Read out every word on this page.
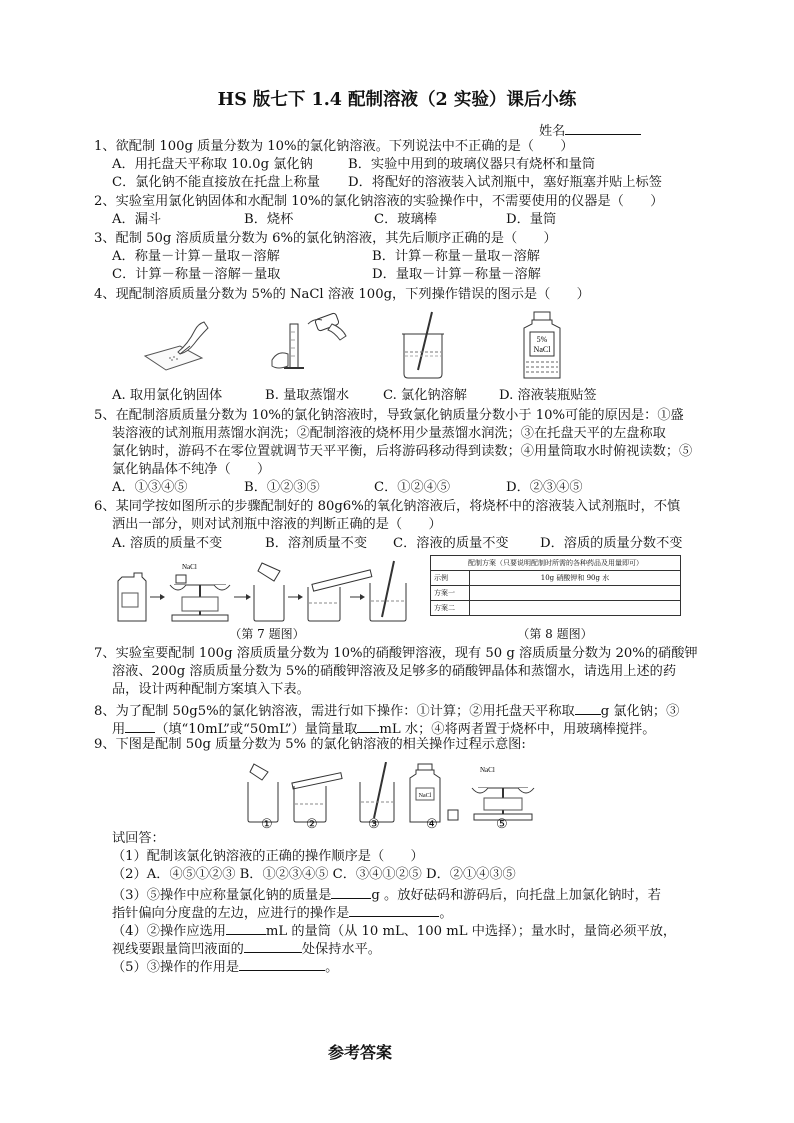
HS 版七下 1.4 配制溶液（2 实验）课后小练
姓名
1、欲配制 100g 质量分数为 10%的氯化钠溶液。下列说法中不正确的是（　　）
A．用托盘天平称取 10.0g 氯化钠	B．实验中用到的玻璃仪器只有烧杯和量筒
C．氯化钠不能直接放在托盘上称量 D．将配好的溶液装入试剂瓶中，塞好瓶塞并贴上标签
2、实验室用氯化钠固体和水配制 10%的氯化钠溶液的实验操作中，不需要使用的仪器是（　　）
A．漏斗	B．烧杯	C．玻璃棒	D．量筒
3、配制 50g 溶质质量分数为 6%的氯化钠溶液，其先后顺序正确的是（　　）
A．称量－计算－量取－溶解	B．计算－称量－量取－溶解
C．计算－称量－溶解－量取	D．量取－计算－称量－溶解
4、现配制溶质质量分数为 5%的 NaCl 溶液 100g，下列操作错误的图示是（　　）
5%
NaCl
A. 取用氯化钠固体	B. 量取蒸馏水	C. 氯化钠溶解 D. 溶液装瓶贴签
5、在配制溶质质量分数为 10%的氯化钠溶液时，导致氯化钠质量分数小于 10%可能的原因是：①盛
装溶液的试剂瓶用蒸馏水润洗；②配制溶液的烧杯用少量蒸馏水润洗；③在托盘天平的左盘称取
氯化钠时，游码不在零位置就调节天平平衡，后将游码移动得到读数；④用量筒取水时俯视读数；⑤
氯化钠晶体不纯净（　　）
A．①③④⑤	B．①②③⑤	C．①②④⑤	D．②③④⑤
6、某同学按如图所示的步骤配制好的 80g6%的氧化钠溶液后，将烧杯中的溶液装入试剂瓶时，不慎
洒出一部分，则对试剂瓶中溶液的判断正确的是（　　）
A. 溶质的质量不变	B．溶剂质量不变 C．溶液的质量不变 D．溶质的质量分数不变
NaCl
（第 7 题图）
配制方案（只要说明配制时所需的各种药品及用量即可）	
示例	10g 硝酸钾和 90g 水
方案一	
方案二	
（第 8 题图）
7、实验室要配制 100g 溶质质量分数为 10%的硝酸钾溶液，现有 50 g 溶质质量分数为 20%的硝酸钾
溶液、200g 溶质质量分数为 5%的硝酸钾溶液及足够多的硝酸钾晶体和蒸馏水，请选用上述的药
品，设计两种配制方案填入下表。
8、为了配制 50g5%的氯化钠溶液，需进行如下操作：①计算；②用托盘天平称取 g 氯化钠；③
用 （填“10mL”或“50mL”）量筒量取 mL 水；④将两者置于烧杯中，用玻璃棒搅拌。
9、下图是配制 50g 质量分数为 5% 的氯化钠溶液的相关操作过程示意图:
NaCl
NaCl
①	②	③	④	⑤
试回答：
（1）配制该氯化钠溶液的正确的操作顺序是（　　）
（2）A．④⑤①②③ B．①②③④⑤ C．③④①②⑤ D．②①④③⑤
（3）⑤操作中应称量氯化钠的质量是	g 。放好砝码和游码后，向托盘上加氯化钠时，若
指针偏向分度盘的左边，应进行的操作是	。
（4）②操作应选用	mL 的量筒（从 10 mL、100 mL 中选择）；量水时，量筒必须平放，
视线要跟量筒凹液面的	处保持水平。
（5）③操作的作用是	。
参考答案
